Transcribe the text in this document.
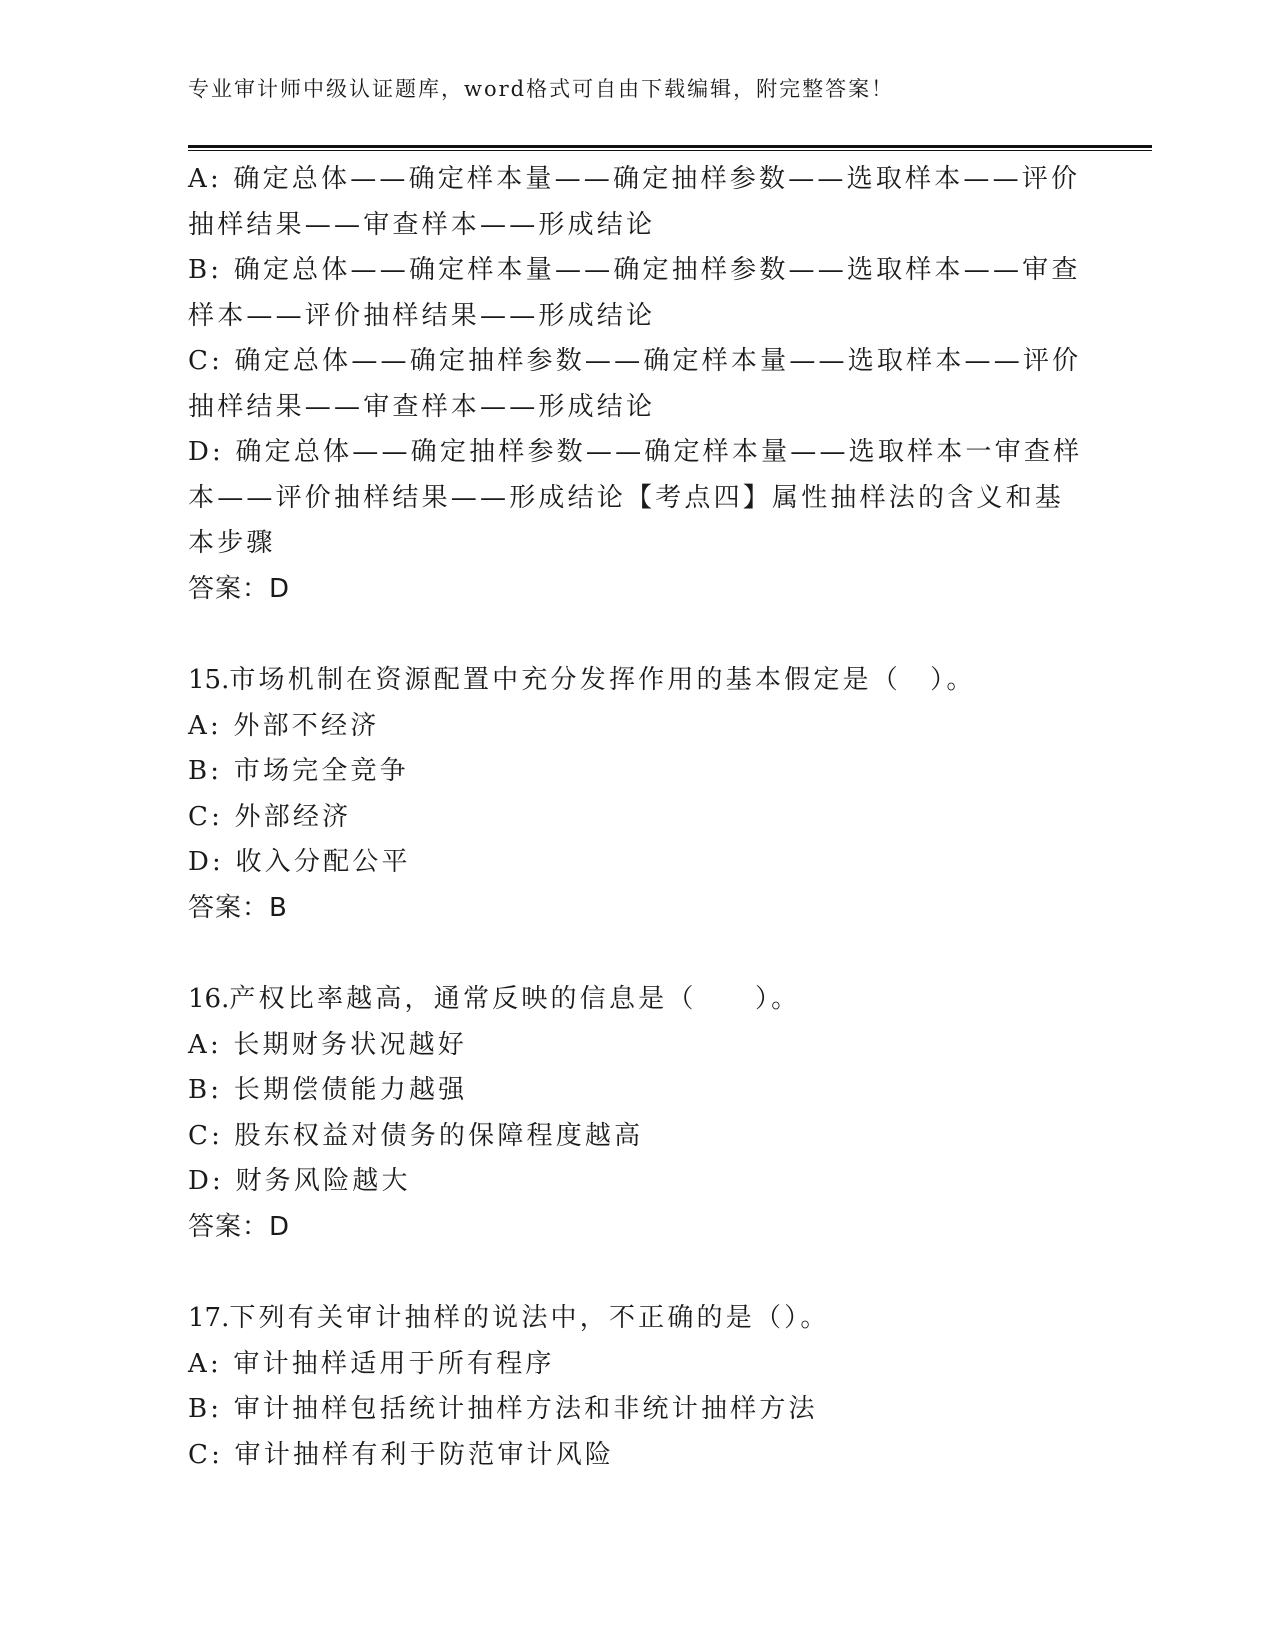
专业审计师中级认证题库，word格式可自由下载编辑，附完整答案！
A: 确定总体——确定样本量——确定抽样参数——选取样本——评价
抽样结果——审查样本——形成结论
B: 确定总体——确定样本量——确定抽样参数——选取样本——审查
样本——评价抽样结果——形成结论
C: 确定总体——确定抽样参数——确定样本量——选取样本——评价
抽样结果——审查样本——形成结论
D: 确定总体——确定抽样参数——确定样本量——选取样本一审查样
本——评价抽样结果——形成结论【考点四】属性抽样法的含义和基
本步骤
答案：D
15.市场机制在资源配置中充分发挥作用的基本假定是（　）。
A: 外部不经济
B: 市场完全竞争
C: 外部经济
D: 收入分配公平
答案：B
16.产权比率越高，通常反映的信息是（　　）。
A: 长期财务状况越好
B: 长期偿债能力越强
C: 股东权益对债务的保障程度越高
D: 财务风险越大
答案：D
17.下列有关审计抽样的说法中，不正确的是（）。
A: 审计抽样适用于所有程序
B: 审计抽样包括统计抽样方法和非统计抽样方法
C: 审计抽样有利于防范审计风险
